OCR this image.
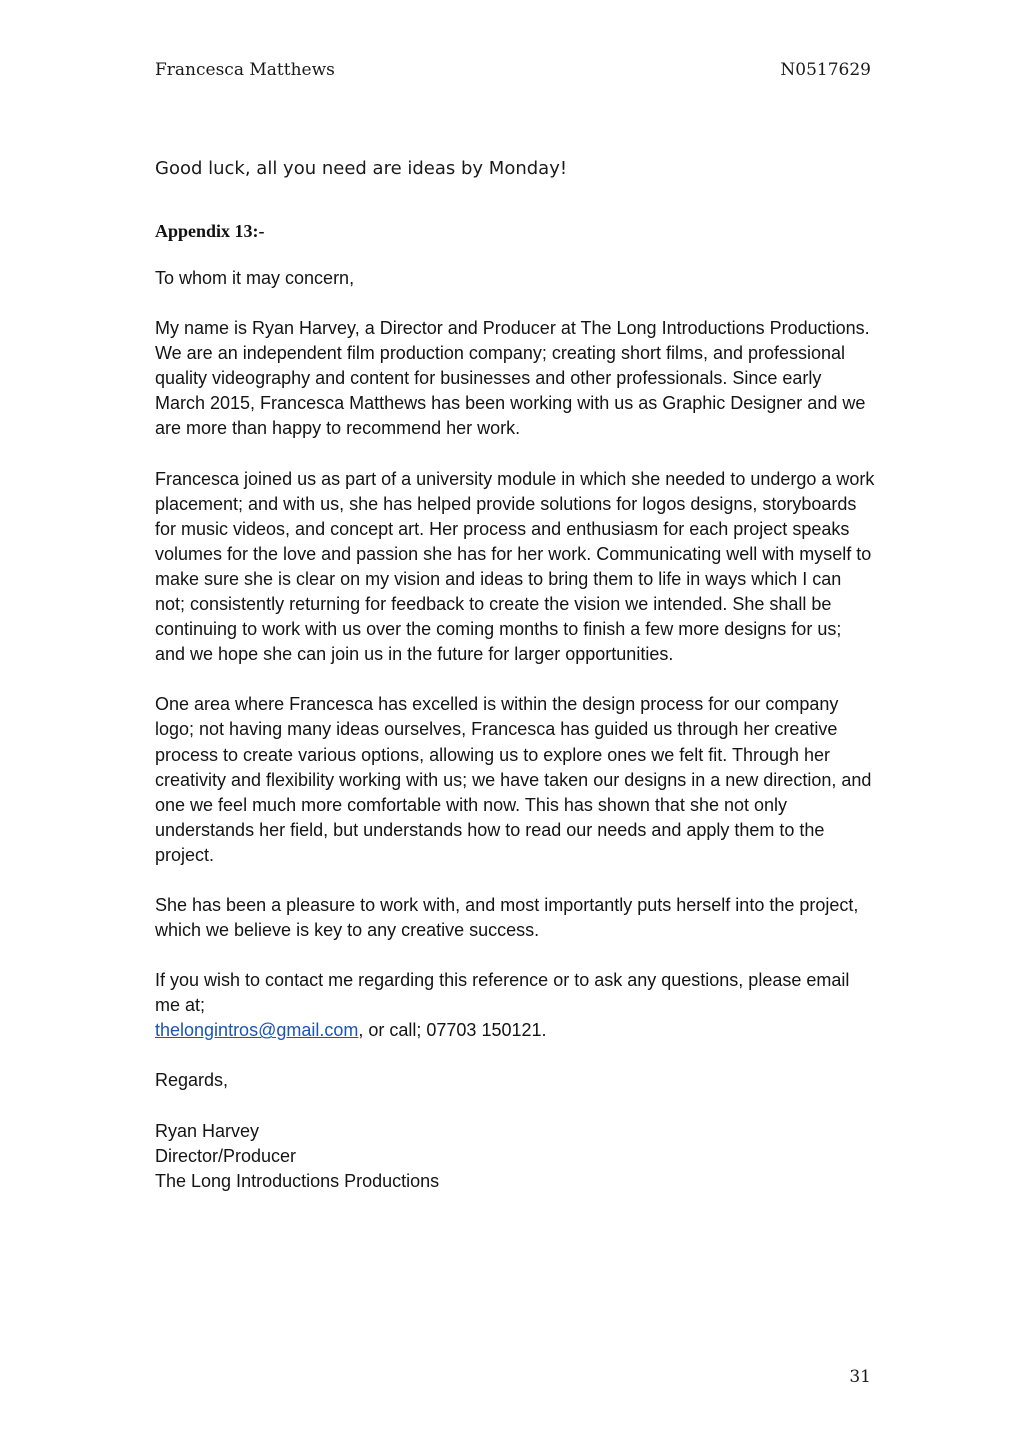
Francesca Matthews	N0517629
Good luck, all you need are ideas by Monday!
Appendix 13:-

To whom it may concern,

My name is Ryan Harvey, a Director and Producer at The Long Introductions Productions. We are an independent film production company; creating short films, and professional quality videography and content for businesses and other professionals. Since early March 2015, Francesca Matthews has been working with us as Graphic Designer and we are more than happy to recommend her work.

Francesca joined us as part of a university module in which she needed to undergo a work placement; and with us, she has helped provide solutions for logos designs, storyboards for music videos, and concept art. Her process and enthusiasm for each project speaks volumes for the love and passion she has for her work. Communicating well with myself to make sure she is clear on my vision and ideas to bring them to life in ways which I can not; consistently returning for feedback to create the vision we intended. She shall be continuing to work with us over the coming months to finish a few more designs for us; and we hope she can join us in the future for larger opportunities.

One area where Francesca has excelled is within the design process for our company logo; not having many ideas ourselves, Francesca has guided us through her creative process to create various options, allowing us to explore ones we felt fit. Through her creativity and flexibility working with us; we have taken our designs in a new direction, and one we feel much more comfortable with now. This has shown that she not only understands her field, but understands how to read our needs and apply them to the project.

She has been a pleasure to work with, and most importantly puts herself into the project, which we believe is key to any creative success.

If you wish to contact me regarding this reference or to ask any questions, please email me at;
thelongintros@gmail.com, or call; 07703 150121.

Regards,

Ryan Harvey
Director/Producer
The Long Introductions Productions

31
